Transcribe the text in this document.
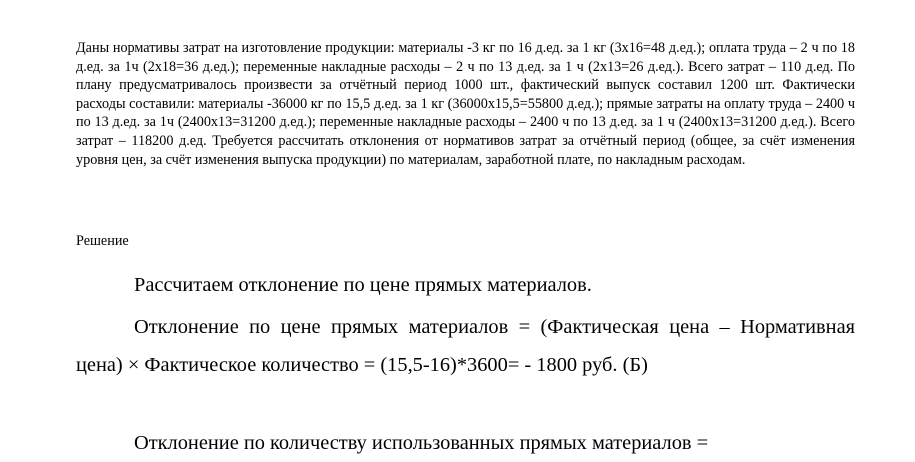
Даны нормативы затрат на изготовление продукции: материалы -3 кг по 16 д.ед. за 1 кг (3х16=48 д.ед.); оплата труда – 2 ч по 18 д.ед. за 1ч (2х18=36 д.ед.); переменные накладные расходы – 2 ч по 13 д.ед. за 1 ч (2х13=26 д.ед.). Всего затрат – 110 д.ед. По плану предусматривалось произвести за отчётный период 1000 шт., фактический выпуск составил 1200 шт. Фактически расходы составили: материалы -36000 кг по 15,5 д.ед. за 1 кг (36000х15,5=55800 д.ед.); прямые затраты на оплату труда – 2400 ч по 13 д.ед. за 1ч (2400х13=31200 д.ед.); переменные накладные расходы – 2400 ч по 13 д.ед. за 1 ч (2400х13=31200 д.ед.). Всего затрат – 118200 д.ед. Требуется рассчитать отклонения от нормативов затрат за отчётный период (общее, за счёт изменения уровня цен, за счёт изменения выпуска продукции) по материалам, заработной плате, по накладным расходам.

Решение

Рассчитаем отклонение по цене прямых материалов.

Отклонение по цене прямых материалов = (Фактическая цена – Нормативная цена) × Фактическое количество = (15,5-16)*3600= - 1800 руб. (Б)

Отклонение по количеству использованных прямых материалов =
